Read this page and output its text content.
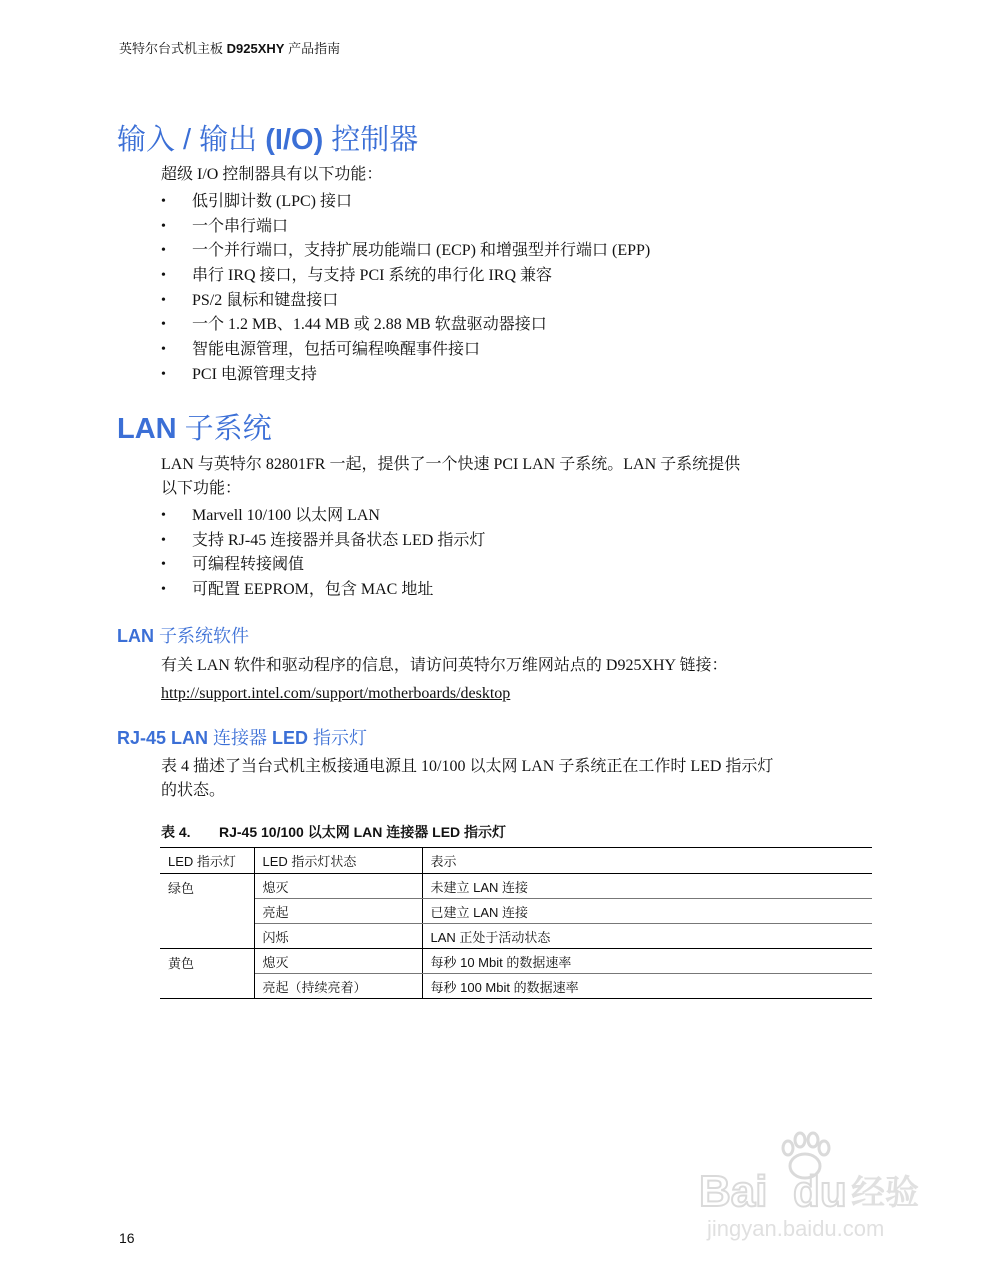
英特尔台式机主板 D925XHY 产品指南
输入 / 输出 (I/O) 控制器

超级 I/O 控制器具有以下功能：

• 低引脚计数 (LPC) 接口
• 一个串行端口
• 一个并行端口，支持扩展功能端口 (ECP) 和增强型并行端口 (EPP)
• 串行 IRQ 接口，与支持 PCI 系统的串行化 IRQ 兼容
• PS/2 鼠标和键盘接口
• 一个 1.2 MB、1.44 MB 或 2.88 MB 软盘驱动器接口
• 智能电源管理，包括可编程唤醒事件接口
• PCI 电源管理支持
LAN 子系统

LAN 与英特尔 82801FR 一起，提供了一个快速 PCI LAN 子系统。LAN 子系统提供
以下功能：

• Marvell 10/100 以太网 LAN
• 支持 RJ-45 连接器并具备状态 LED 指示灯
• 可编程转接阈值
• 可配置 EEPROM，包含 MAC 地址
LAN 子系统软件

有关 LAN 软件和驱动程序的信息，请访问英特尔万维网站点的 D925XHY 链接：

http://support.intel.com/support/motherboards/desktop

RJ-45 LAN 连接器 LED 指示灯

表 4 描述了当台式机主板接通电源且 10/100 以太网 LAN 子系统正在工作时 LED 指示灯
的状态。

表 4. RJ-45 10/100 以太网 LAN 连接器 LED 指示灯
LED 指示灯	LED 指示灯状态	表示
绿色	熄灭	未建立 LAN 连接
	亮起	已建立 LAN 连接
	闪烁	LAN 正处于活动状态
黄色	熄灭	每秒 10 Mbit 的数据速率
	亮起（持续亮着）	每秒 100 Mbit 的数据速率
16
Bai du 经验
jingyan.baidu.com
